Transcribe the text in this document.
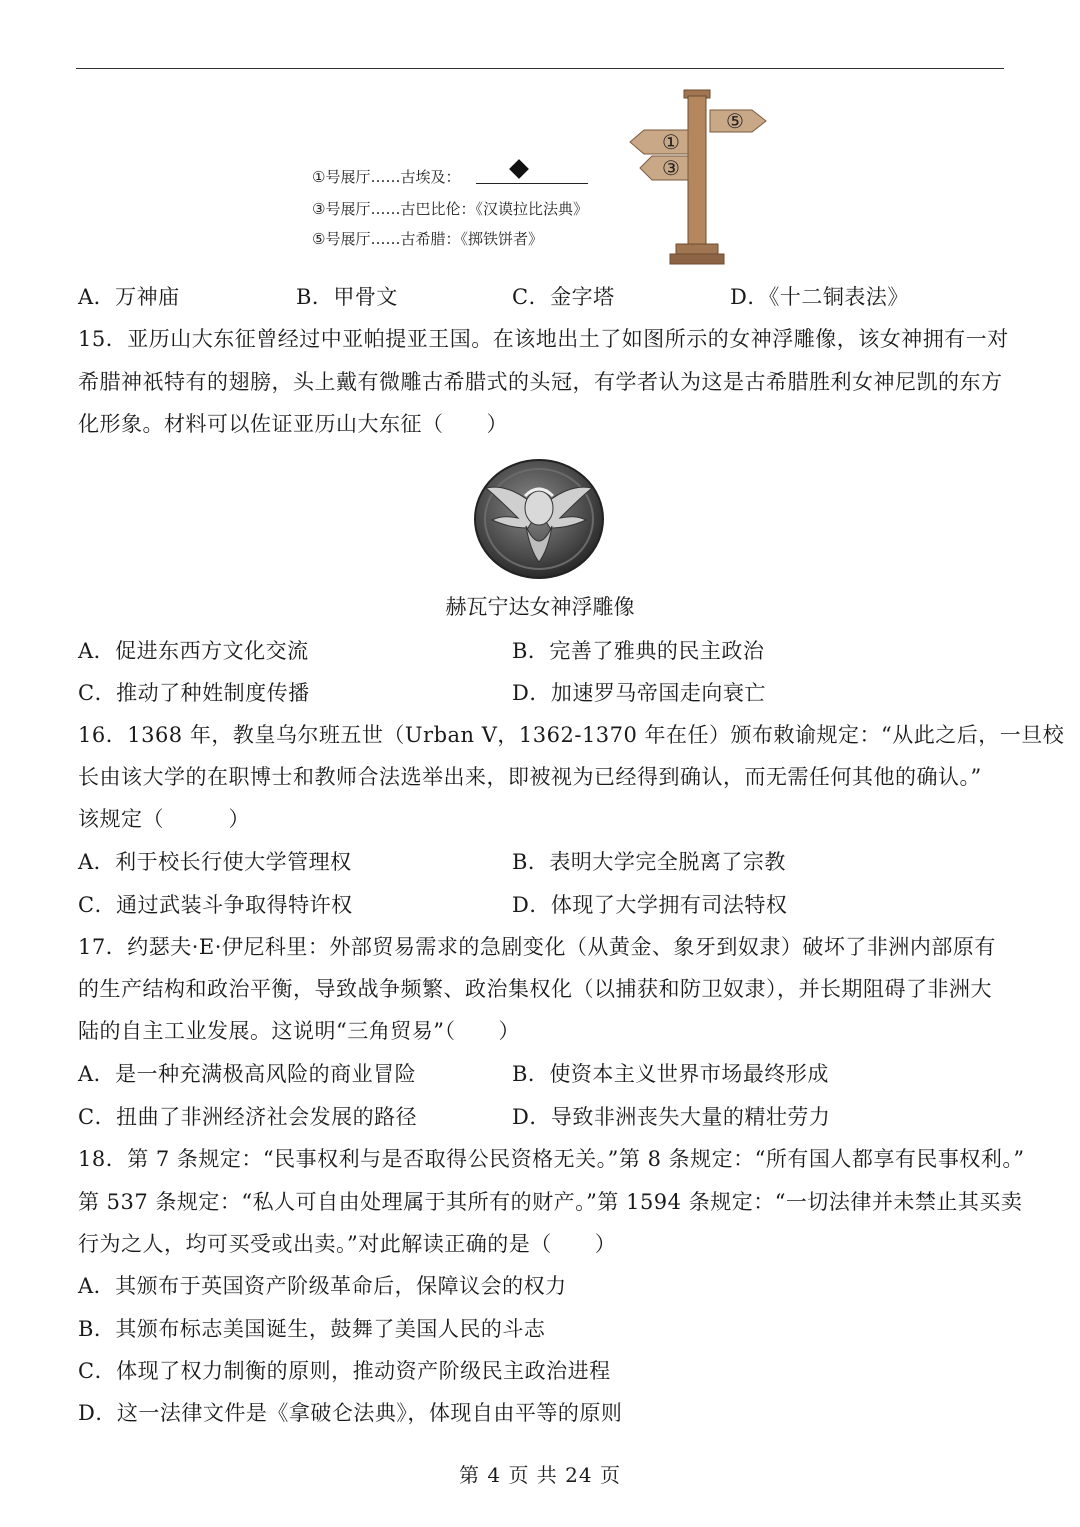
①号展厅……古埃及：
③号展厅……古巴比伦：《汉谟拉比法典》
⑤号展厅……古希腊：《掷铁饼者》
⑤
①
③
A．万神庙	B．甲骨文	C．金字塔	D．《十二铜表法》
15．亚历山大东征曾经过中亚帕提亚王国。在该地出土了如图所示的女神浮雕像，该女神拥有一对
希腊神祇特有的翅膀，头上戴有微雕古希腊式的头冠，有学者认为这是古希腊胜利女神尼凯的东方
化形象。材料可以佐证亚历山大东征（　　）
赫瓦宁达女神浮雕像
A．促进东西方文化交流	B．完善了雅典的民主政治
C．推动了种姓制度传播	D．加速罗马帝国走向衰亡
16．1368 年，教皇乌尔班五世（Urban V，1362-1370 年在任）颁布敕谕规定：“从此之后，一旦校
长由该大学的在职博士和教师合法选举出来，即被视为已经得到确认，而无需任何其他的确认。”
该规定（　　　）
A．利于校长行使大学管理权	B．表明大学完全脱离了宗教
C．通过武装斗争取得特许权	D．体现了大学拥有司法特权
17．约瑟夫·E·伊尼科里：外部贸易需求的急剧变化（从黄金、象牙到奴隶）破坏了非洲内部原有
的生产结构和政治平衡，导致战争频繁、政治集权化（以捕获和防卫奴隶），并长期阻碍了非洲大
陆的自主工业发展。这说明“三角贸易”（　　）
A．是一种充满极高风险的商业冒险	B．使资本主义世界市场最终形成
C．扭曲了非洲经济社会发展的路径	D．导致非洲丧失大量的精壮劳力
18．第 7 条规定：“民事权利与是否取得公民资格无关。”第 8 条规定：“所有国人都享有民事权利。”
第 537 条规定：“私人可自由处理属于其所有的财产。”第 1594 条规定：“一切法律并未禁止其买卖
行为之人，均可买受或出卖。”对此解读正确的是（　　）
A．其颁布于英国资产阶级革命后，保障议会的权力
B．其颁布标志美国诞生，鼓舞了美国人民的斗志
C．体现了权力制衡的原则，推动资产阶级民主政治进程
D．这一法律文件是《拿破仑法典》，体现自由平等的原则
第 4 页 共 24 页
